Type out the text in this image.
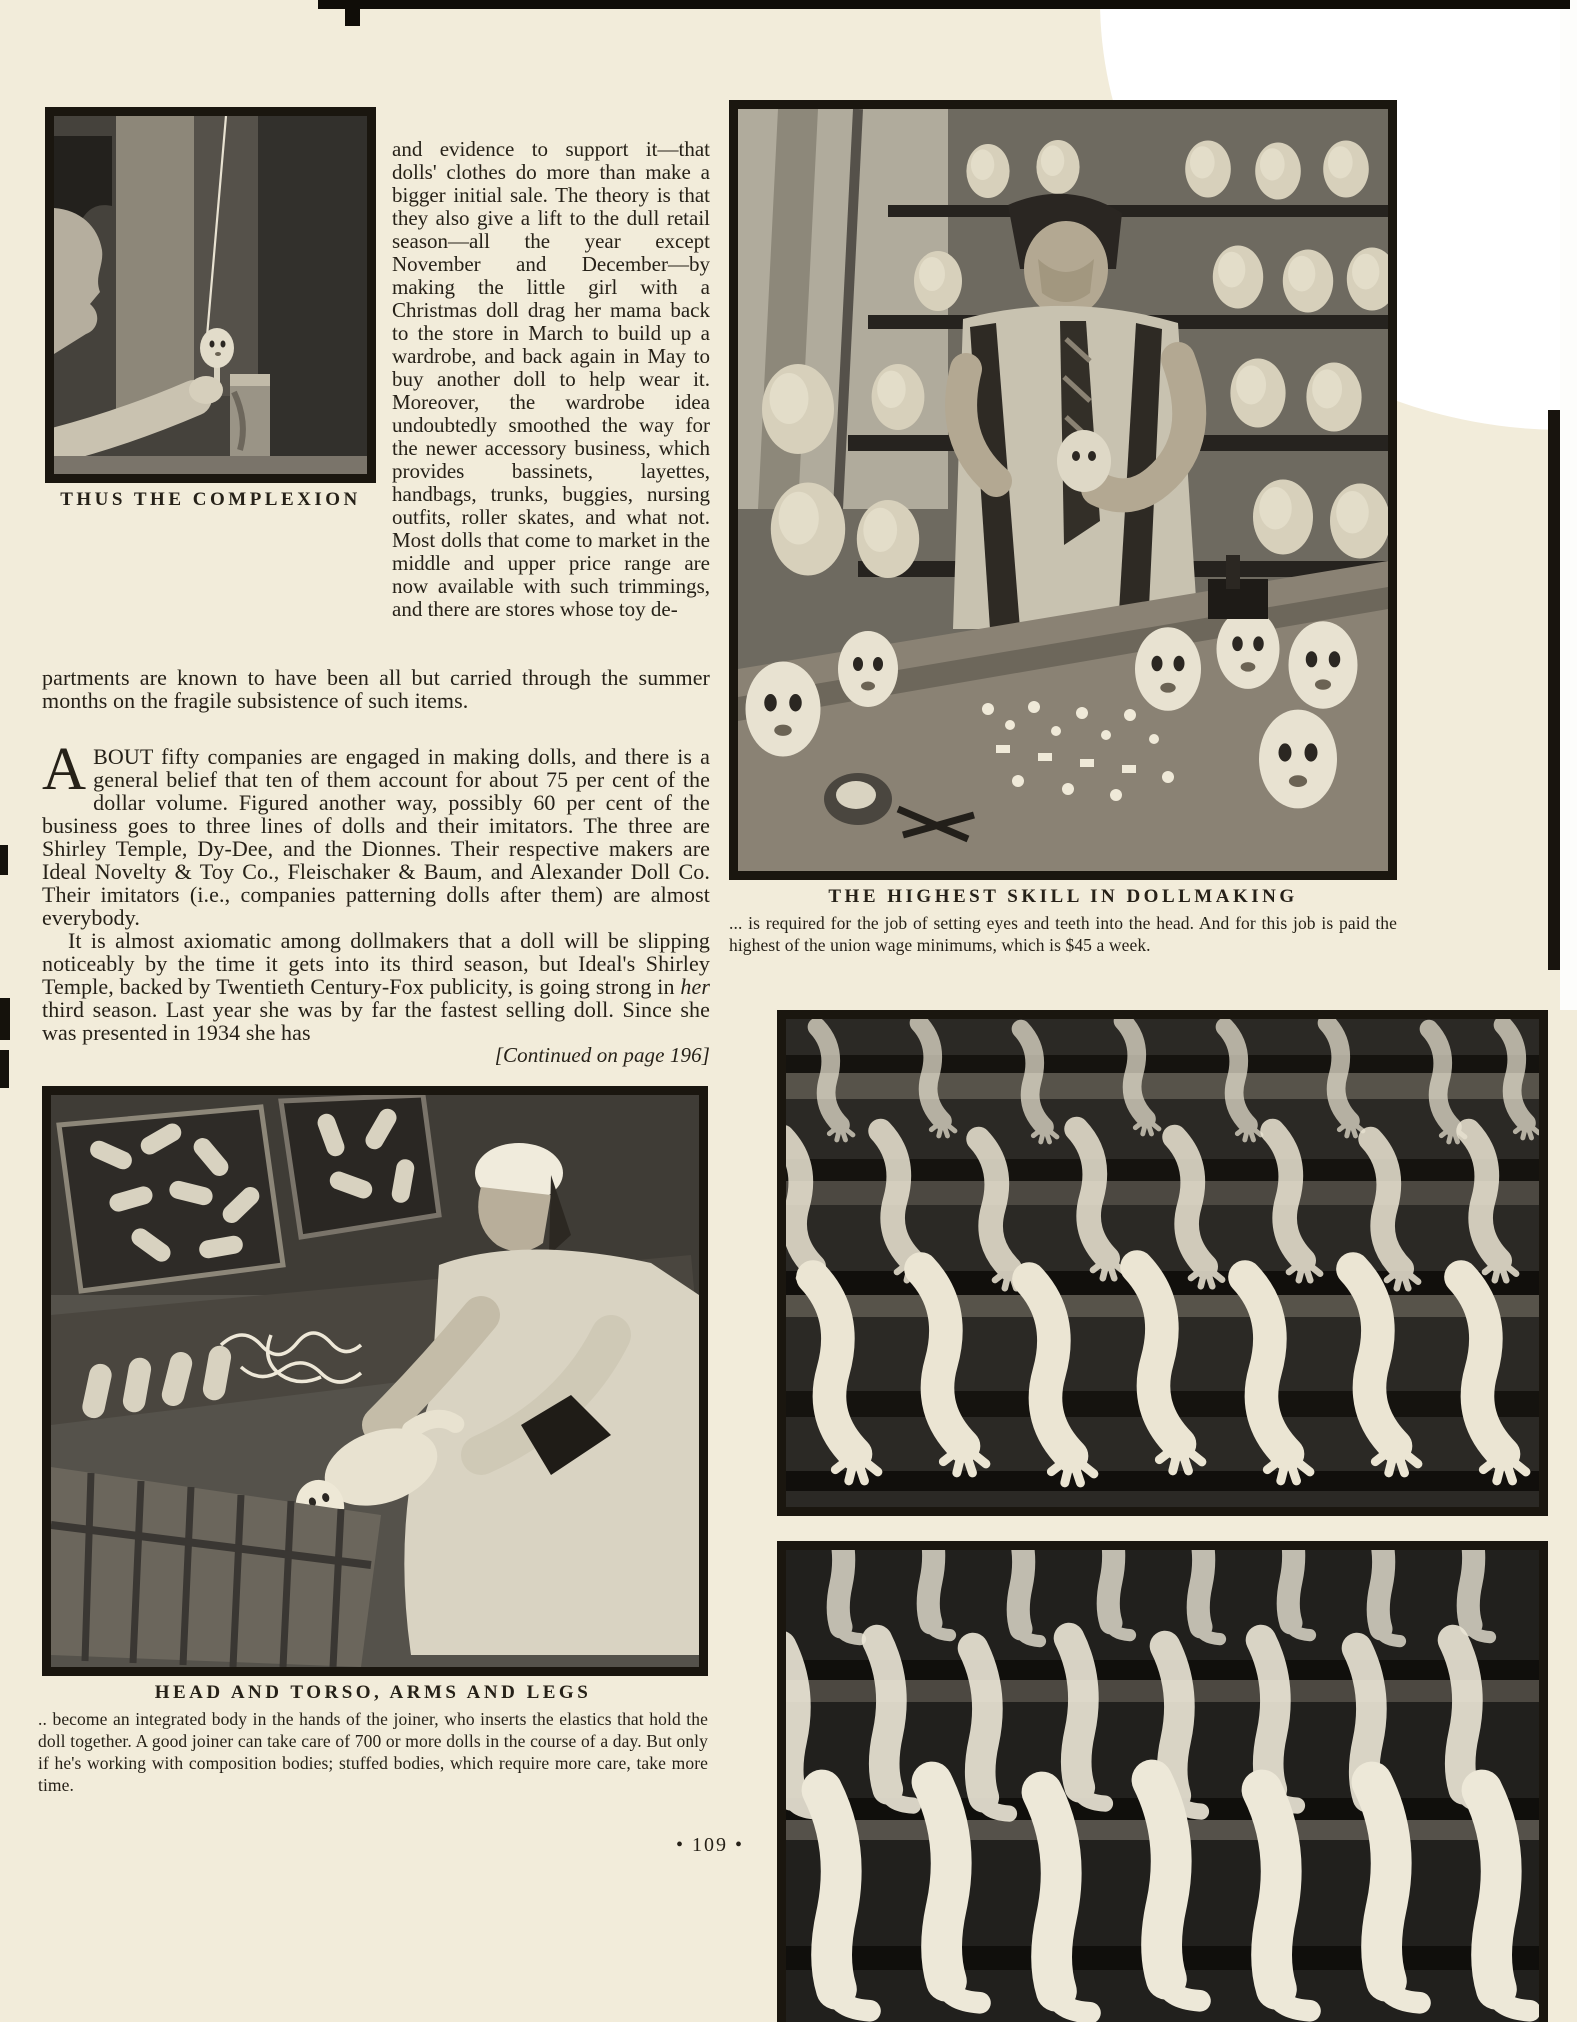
and evidence to support it—that dolls' clothes do more than make a bigger initial sale. The theory is that they also give a lift to the dull retail season—all the year except November and December—by making the little girl with a Christmas doll drag her mama back to the store in March to build up a wardrobe, and back again in May to buy another doll to help wear it. Moreover, the wardrobe idea undoubtedly smoothed the way for the newer accessory business, which provides bassinets, layettes, handbags, trunks, buggies, nursing outfits, roller skates, and what not. Most dolls that come to market in the middle and upper price range are now available with such trimmings, and there are stores whose toy de-
THE HIGHEST SKILL IN DOLLMAKING
... is required for the job of setting eyes and teeth into the head. And for this job is paid the highest of the union wage minimums, which is $45 a week.
THUS THE COMPLEXION

partments are known to have been all but carried through the summer months on the fragile subsistence of such items.

ABOUT fifty companies are engaged in making dolls, and there is a general belief that ten of them account for about 75 per cent of the dollar volume. Figured another way, possibly 60 per cent of the business goes to three lines of dolls and their imitators. The three are Shirley Temple, Dy-Dee, and the Dionnes. Their respective makers are Ideal Novelty & Toy Co., Fleischaker & Baum, and Alexander Doll Co. Their imitators (i.e., companies patterning dolls after them) are almost everybody.

It is almost axiomatic among dollmakers that a doll will be slipping noticeably by the time it gets into its third season, but Ideal's Shirley Temple, backed by Twentieth Century-Fox publicity, is going strong in her third season. Last year she was by far the fastest selling doll. Since she was presented in 1934 she has

[Continued on page 196]

HEAD AND TORSO, ARMS AND LEGS
.. become an integrated body in the hands of the joiner, who inserts the elastics that hold the doll together. A good joiner can take care of 700 or more dolls in the course of a day. But only if he's working with composition bodies; stuffed bodies, which require more care, take more time.
• 109 •
